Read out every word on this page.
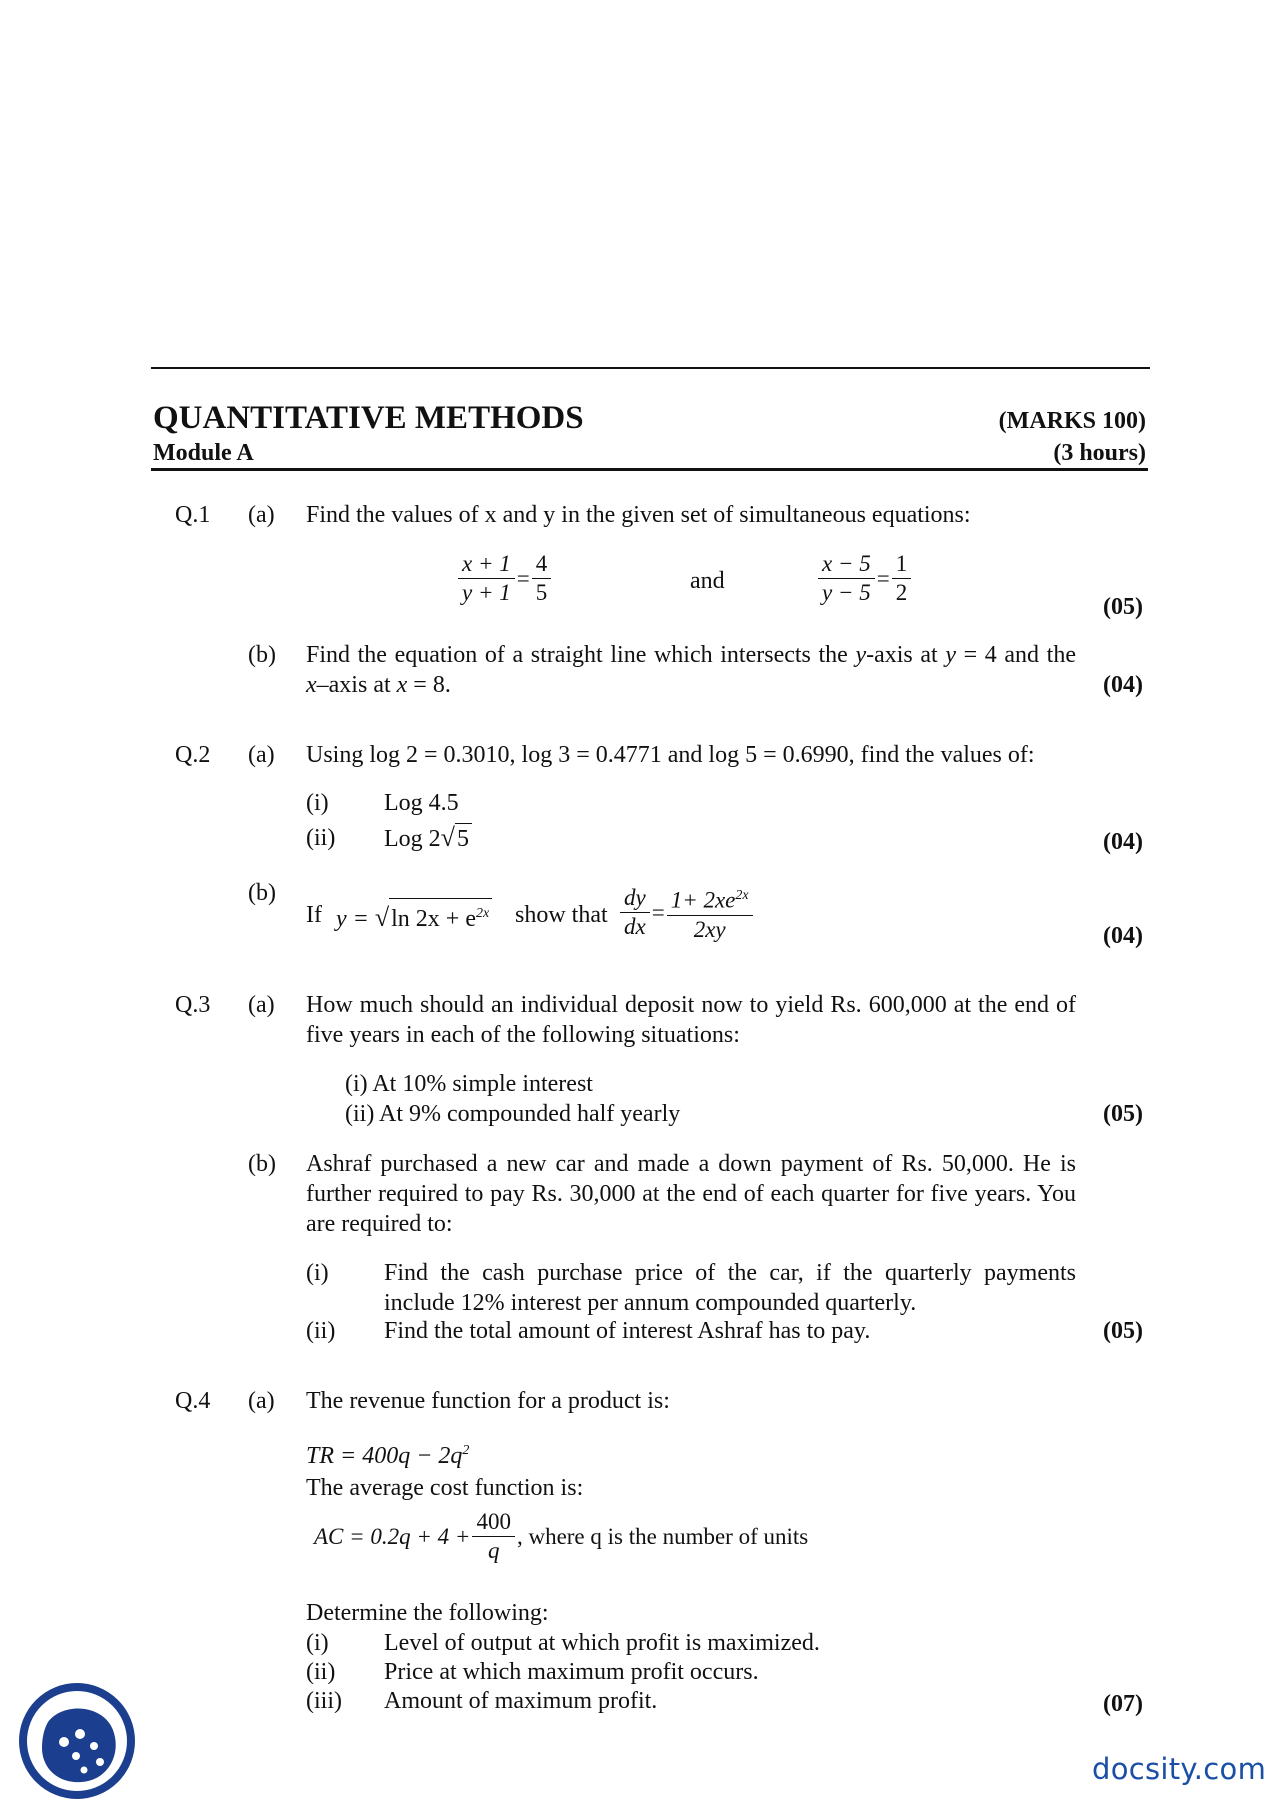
QUANTITATIVE METHODS	(MARKS 100)
Module A	(3 hours)
Q.1 (a) Find the values of x and y in the given set of simultaneous equations:
$\frac{x + 1}{y + 1} = \frac{4}{5}$	and	$\frac{x - 5}{y - 5} = \frac{1}{2}$	(05)
(b) Find the equation of a straight line which intersects the y-axis at y = 4 and the x–axis at x = 8.	(04)
Q.2 (a) Using log 2 = 0.3010, log 3 = 0.4771 and log 5 = 0.6990, find the values of:
(i) Log 4.5
(ii) Log 2√5	(04)
(b)
If y = √ln $2x + e^{2x}$ show that $\frac{dy}{dx} = \frac{1+ 2xe^{2x}}{2xy}$	(04)
Q.3 (a) How much should an individual deposit now to yield Rs. 600,000 at the end of five years in each of the following situations:
(i) At 10% simple interest
(ii) At 9% compounded half yearly	(05)
(b) Ashraf purchased a new car and made a down payment of Rs. 50,000. He is further required to pay Rs. 30,000 at the end of each quarter for five years. You are required to:
(i) Find the cash purchase price of the car, if the quarterly payments include 12% interest per annum compounded quarterly.
(ii) Find the total amount of interest Ashraf has to pay.	(05)
Q.4 (a) The revenue function for a product is:
TR = $400q - 2q^2$
The average cost function is:
AC = $0.2q + 4 + \frac{400}{q}$ , where q is the number of units
Determine the following:
(i) Level of output at which profit is maximized.
(ii) Price at which maximum profit occurs.
(iii) Amount of maximum profit.	(07)
docsity.com
